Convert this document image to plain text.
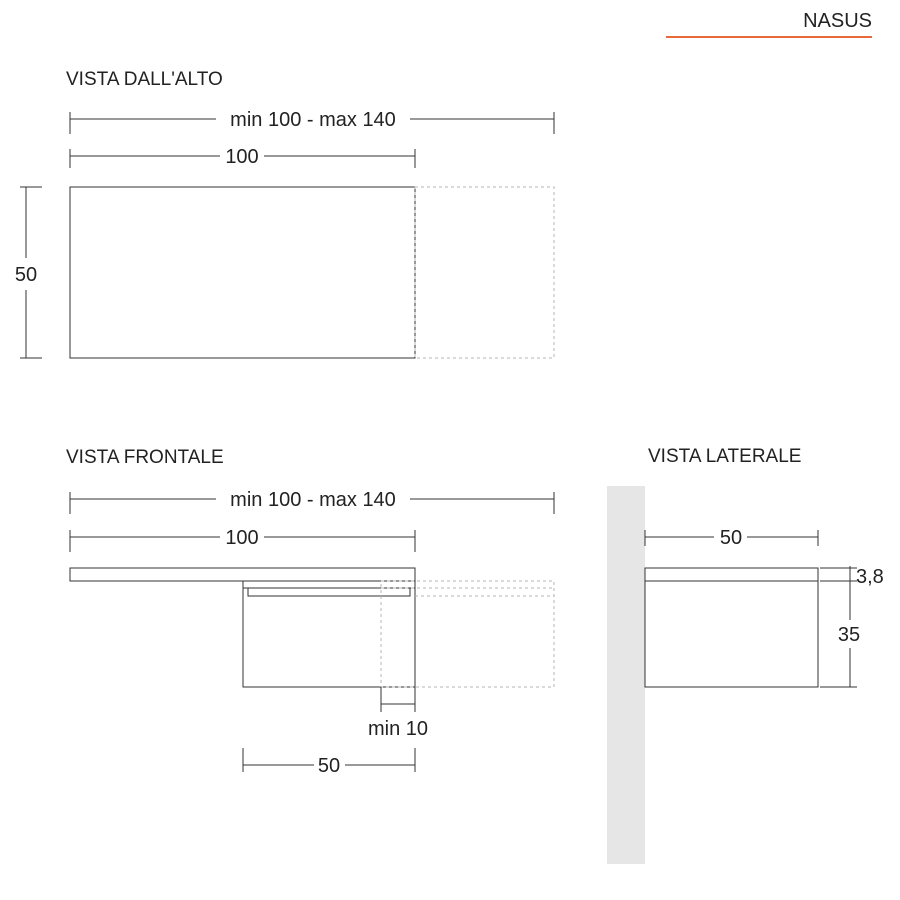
NASUS
VISTA DALL'ALTO
min 100 - max 140
100
50
VISTA FRONTALE
min 100 - max 140
100
min 10
50
VISTA LATERALE
50
3,8
35
